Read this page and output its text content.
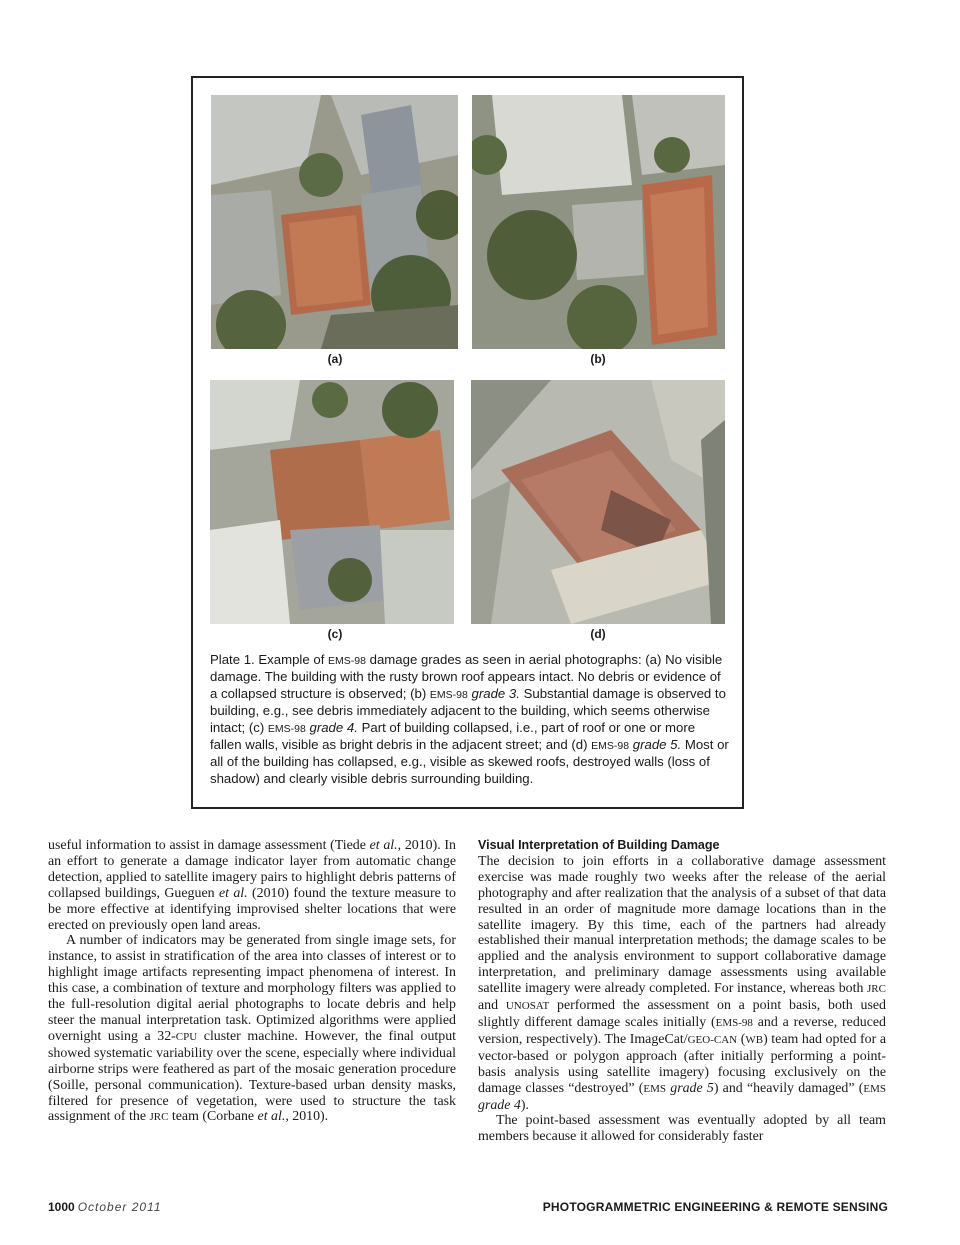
(a)	(b)
(c)	(d)
Plate 1. Example of EMS-98 damage grades as seen in aerial photographs: (a) No visible damage. The building with the rusty brown roof appears intact. No debris or evidence of a collapsed structure is observed; (b) EMS-98 grade 3. Substantial damage is observed to building, e.g., see debris immediately adjacent to the building, which seems otherwise intact; (c) EMS-98 grade 4. Part of building collapsed, i.e., part of roof or one or more fallen walls, visible as bright debris in the adjacent street; and (d) EMS-98 grade 5. Most or all of the building has collapsed, e.g., visible as skewed roofs, destroyed walls (loss of shadow) and clearly visible debris surrounding building.

useful information to assist in damage assessment (Tiede et al., 2010). In an effort to generate a damage indicator layer from automatic change detection, applied to satellite imagery pairs to highlight debris patterns of collapsed buildings, Gueguen et al. (2010) found the texture measure to be more effective at identifying improvised shelter locations that were erected on previously open land areas.

A number of indicators may be generated from single image sets, for instance, to assist in stratification of the area into classes of interest or to highlight image artifacts representing impact phenomena of interest. In this case, a combination of texture and morphology filters was applied to the full-resolution digital aerial photographs to locate debris and help steer the manual interpretation task. Optimized algorithms were applied overnight using a 32-CPU cluster machine. However, the final output showed systematic variability over the scene, especially where individual airborne strips were feathered as part of the mosaic generation procedure (Soille, personal communication). Texture-based urban density masks, filtered for presence of vegetation, were used to structure the task assignment of the JRC team (Corbane et al., 2010).

Visual Interpretation of Building Damage

The decision to join efforts in a collaborative damage assessment exercise was made roughly two weeks after the release of the aerial photography and after realization that the analysis of a subset of that data resulted in an order of magnitude more damage locations than in the satellite imagery. By this time, each of the partners had already established their manual interpretation methods; the damage scales to be applied and the analysis environment to support collaborative damage interpretation, and preliminary damage assessments using available satellite imagery were already completed. For instance, whereas both JRC and UNOSAT performed the assessment on a point basis, both used slightly different damage scales initially (EMS-98 and a reverse, reduced version, respectively). The ImageCat/GEO-CAN (WB) team had opted for a vector-based or polygon approach (after initially performing a point-basis analysis using satellite imagery) focusing exclusively on the damage classes “destroyed” (EMS grade 5) and “heavily damaged” (EMS grade 4).

The point-based assessment was eventually adopted by all team members because it allowed for considerably faster

1000 October 2011	PHOTOGRAMMETRIC ENGINEERING & REMOTE SENSING
